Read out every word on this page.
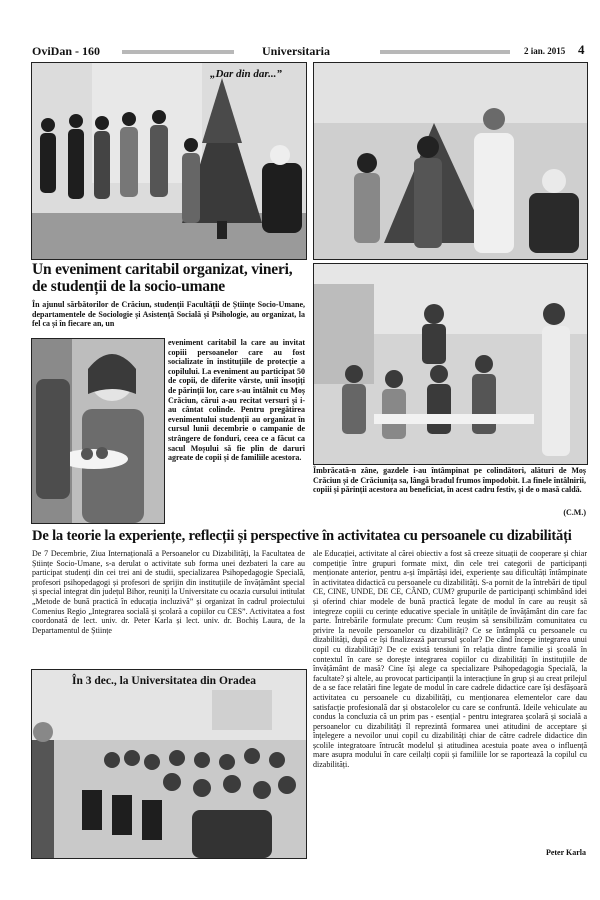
OviDan - 160	Universitaria	2 ian. 2015 4
„Dar din dar...”
Un eveniment caritabil organizat, vineri, de studenții de la socio-umane
În ajunul sărbătorilor de Crăciun, studenții Facultății de Științe Socio-Umane, departamentele de Sociologie și Asistență Socială și Psihologie, au organizat, la fel ca și în fiecare an, un
eveniment caritabil la care au invitat copiii persoanelor care au fost socializate în instituțiile de protecție a copilului. La eveniment au participat 50 de copii, de diferite vârste, unii însoțiți de părinții lor, care s-au întâlnit cu Moș Crăciun, cărui a-au recitat versuri și i-au cântat colinde. Pentru pregătirea evenimentului studenții au organizat în cursul lunii decembrie o campanie de strângere de fonduri, ceea ce a făcut ca sacul Moșului să fie plin de daruri agreate de copii și de familiile acestora.
Îmbrăcată-n zâne, gazdele i-au întâmpinat pe colindători, alături de Moș Crăciun și de Crăciunița sa, lângă bradul frumos împodobit. La finele întâlnirii, copiii și părinții acestora au beneficiat, în acest cadru festiv, și de o masă caldă.
(C.M.)
De la teorie la experiențe, reflecții și perspective în activitatea cu persoanele cu dizabilități
De 7 Decembrie, Ziua Internațională a Persoanelor cu Dizabilități, la Facultatea de Științe Socio-Umane, s-a derulat o activitate sub forma unei dezbateri la care au participat studenți din cei trei ani de studii, specializarea Psihopedagogie Specială, profesori psihopedagogi și profesori de sprijin din instituțiile de învățământ special și special integrat din județul Bihor, reuniți la Universitate cu ocazia cursului intitulat „Metode de bună practică în educația incluzivă” și organizat în cadrul proiectului Comenius Regio „Integrarea socială și școlară a copiilor cu CES”. Activitatea a fost coordonată de lect. univ. dr. Peter Karla și lect. univ. dr. Bochiș Laura, de la Departamentul de Științe
În 3 dec., la Universitatea din Oradea
ale Educației, activitate al cărei obiectiv a fost să creeze situații de cooperare și chiar competiție între grupuri formate mixt, din cele trei categorii de participanți menționate anterior, pentru a-și împărtăși idei, experiențe sau dificultăți întâmpinate în activitatea didactică cu persoanele cu dizabilități. S-a pornit de la întrebări de tipul CE, CINE, UNDE, DE CE, CÂND, CUM? grupurile de participanți schimbând idei și oferind chiar modele de bună practică legate de modul în care au reușit să integreze copiii cu cerințe educative speciale în unitățile de învățământ din care fac parte. Întrebările formulate precum: Cum reușim să sensibilizăm comunitatea cu privire la nevoile persoanelor cu dizabilități? Ce se întâmplă cu persoanele cu dizabilități, după ce își finalizează parcursul școlar? De când începe integrarea unui copil cu dizabilități? De ce există tensiuni în relația dintre familie și școală în contextul în care se dorește integrarea copiilor cu dizabilități în instituțiile de învățământ de masă? Cine își alege ca specializare Psihopedagogia Specială, la facultate? și altele, au provocat participanții la interacțiune în grup și au creat prilejul de a se face relatări fine legate de modul în care cadrele didactice care își desfășoară activitatea cu persoanele cu dizabilități, cu menționarea elementelor care dau satisfacție profesională dar și obstacolelor cu care se confruntă. Ideile vehiculate au condus la concluzia că un prim pas - esențial - pentru integrarea școlară și socială a persoanelor cu dizabilități îl reprezintă formarea unei atitudini de acceptare și înțelegere a nevoilor unui copil cu dizabilități chiar de către cadrele didactice din școlile integratoare întrucât modelul și atitudinea acestuia poate avea o influență mare asupra modului în care ceilalți copii și familiile lor se raportează la copilul cu dizabilități.
Peter Karla
